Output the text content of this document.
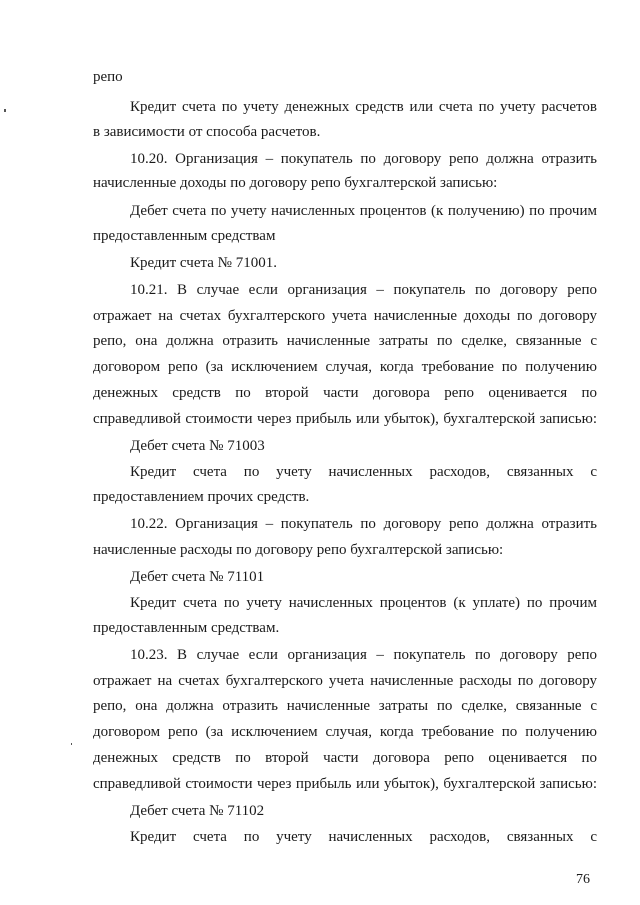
репо
Кредит счета по учету денежных средств или счета по учету расчетов
в зависимости от способа расчетов.
10.20. Организация – покупатель по договору репо должна отразить
начисленные доходы по договору репо бухгалтерской записью:
Дебет счета по учету начисленных процентов (к получению) по прочим
предоставленным средствам
Кредит счета № 71001.
10.21. В случае если организация – покупатель по договору репо
отражает на счетах бухгалтерского учета начисленные доходы по договору
репо, она должна отразить начисленные затраты по сделке, связанные с
договором репо (за исключением случая, когда требование по получению
денежных средств по второй части договора репо оценивается по
справедливой стоимости через прибыль или убыток), бухгалтерской записью:
Дебет счета № 71003
Кредит счета по учету начисленных расходов, связанных с
предоставлением прочих средств.
10.22. Организация – покупатель по договору репо должна отразить
начисленные расходы по договору репо бухгалтерской записью:
Дебет счета № 71101
Кредит счета по учету начисленных процентов (к уплате) по прочим
предоставленным средствам.
10.23. В случае если организация – покупатель по договору репо
отражает на счетах бухгалтерского учета начисленные расходы по договору
репо, она должна отразить начисленные затраты по сделке, связанные с
договором репо (за исключением случая, когда требование по получению
денежных средств по второй части договора репо оценивается по
справедливой стоимости через прибыль или убыток), бухгалтерской записью:
Дебет счета № 71102
Кредит счета по учету начисленных расходов, связанных с
76
